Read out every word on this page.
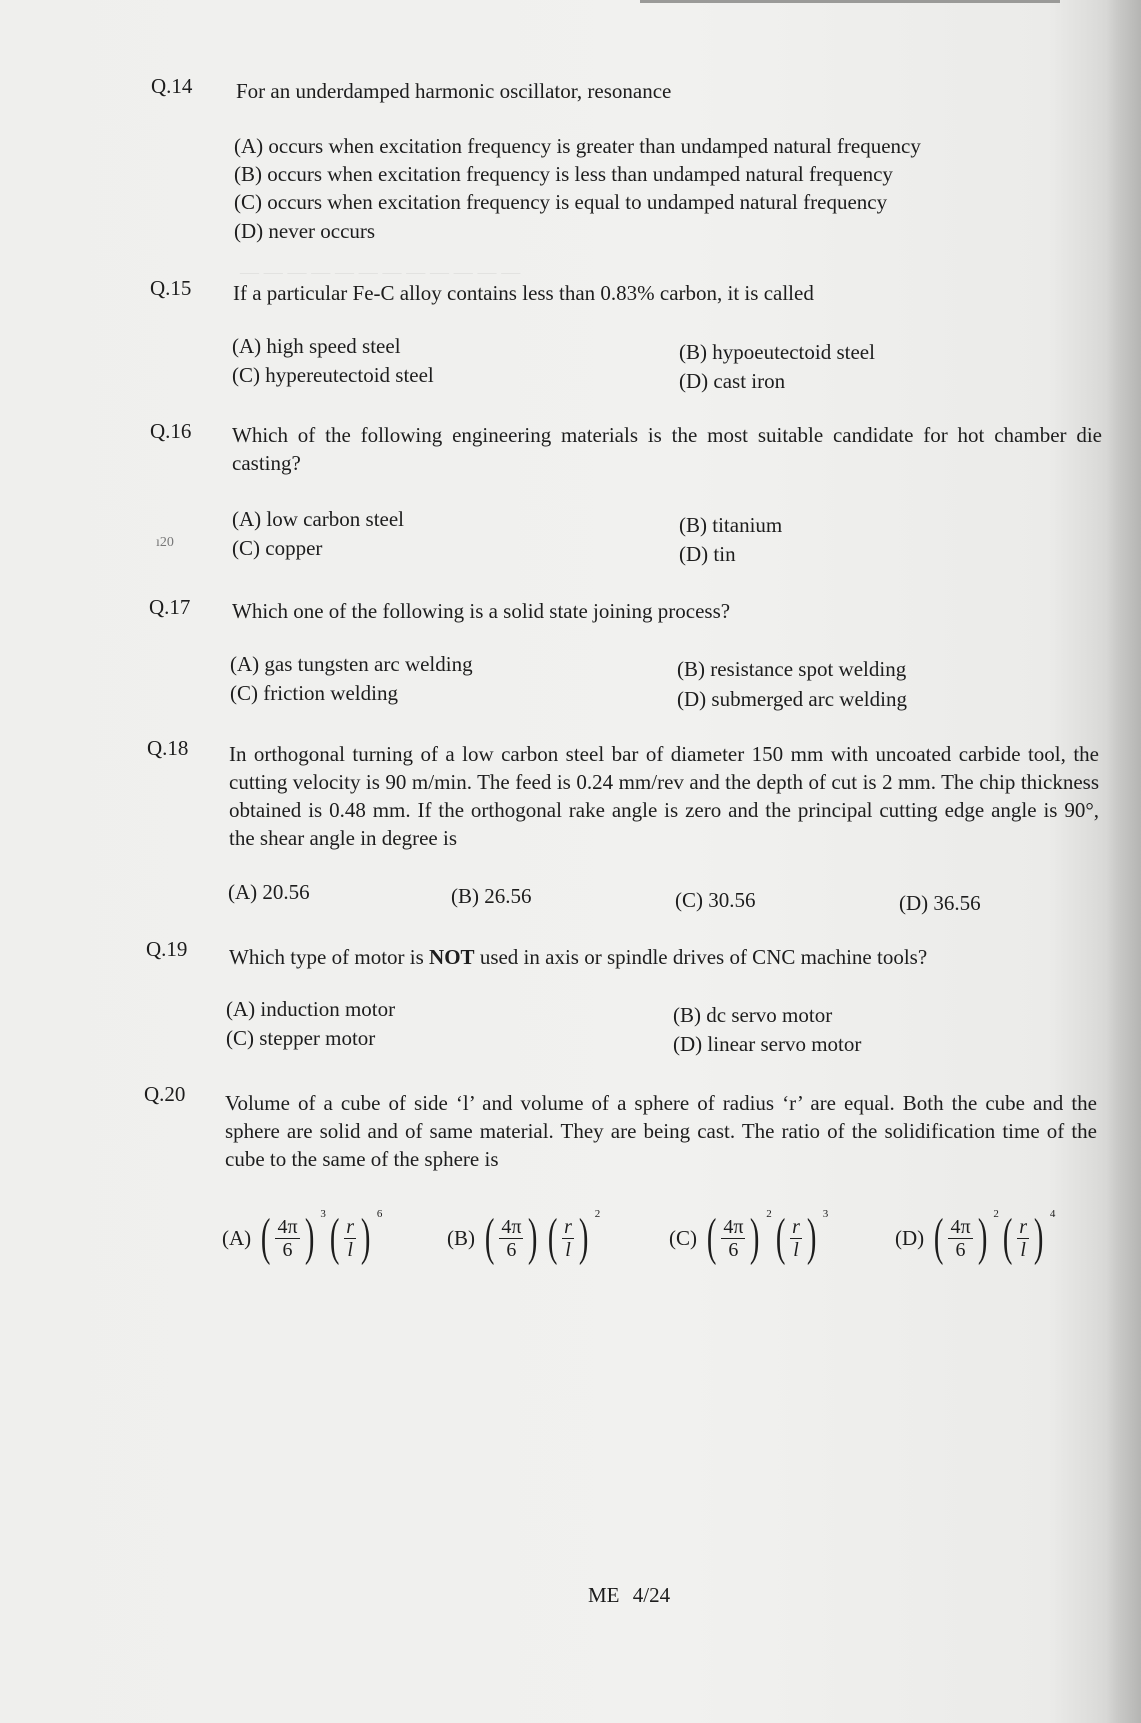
— — — — — — — — — — — —
Q.14 For an underdamped harmonic oscillator, resonance
(A) occurs when excitation frequency is greater than undamped natural frequency
(B) occurs when excitation frequency is less than undamped natural frequency
(C) occurs when excitation frequency is equal to undamped natural frequency
(D) never occurs
Q.15 If a particular Fe-C alloy contains less than 0.83% carbon, it is called
(A) high speed steel	(B) hypoeutectoid steel
(C) hypereutectoid steel	(D) cast iron
Q.16 Which of the following engineering materials is the most suitable candidate for hot chamber die casting?
(A) low carbon steel	(B) titanium
ı20	(C) copper	(D) tin
Q.17 Which one of the following is a solid state joining process?
(A) gas tungsten arc welding	(B) resistance spot welding
(C) friction welding	(D) submerged arc welding
Q.18 In orthogonal turning of a low carbon steel bar of diameter 150 mm with uncoated carbide tool, the cutting velocity is 90 m/min. The feed is 0.24 mm/rev and the depth of cut is 2 mm. The chip thickness obtained is 0.48 mm. If the orthogonal rake angle is zero and the principal cutting edge angle is 90°, the shear angle in degree is
(A) 20.56	(B) 26.56	(C) 30.56	(D) 36.56
Q.19 Which type of motor is NOT used in axis or spindle drives of CNC machine tools?
(A) induction motor	(B) dc servo motor
(C) stepper motor	(D) linear servo motor
Q.20 Volume of a cube of side ‘l’ and volume of a sphere of radius ‘r’ are equal. Both the cube and the sphere are solid and of same material. They are being cast. The ratio of the solidification time of the cube to the same of the sphere is
(A) ( $\frac{4\pi}{6}$ ) 3 ( $\frac{r}{l}$ ) 6
(B) ( $\frac{4\pi}{6}$ ) ( $\frac{r}{l}$ ) 2
(C) ( $\frac{4\pi}{6}$ ) 2 ( $\frac{r}{l}$ ) 3
(D) ( $\frac{4\pi}{6}$ ) 2 ( $\frac{r}{l}$ ) 4
ME 4/24
